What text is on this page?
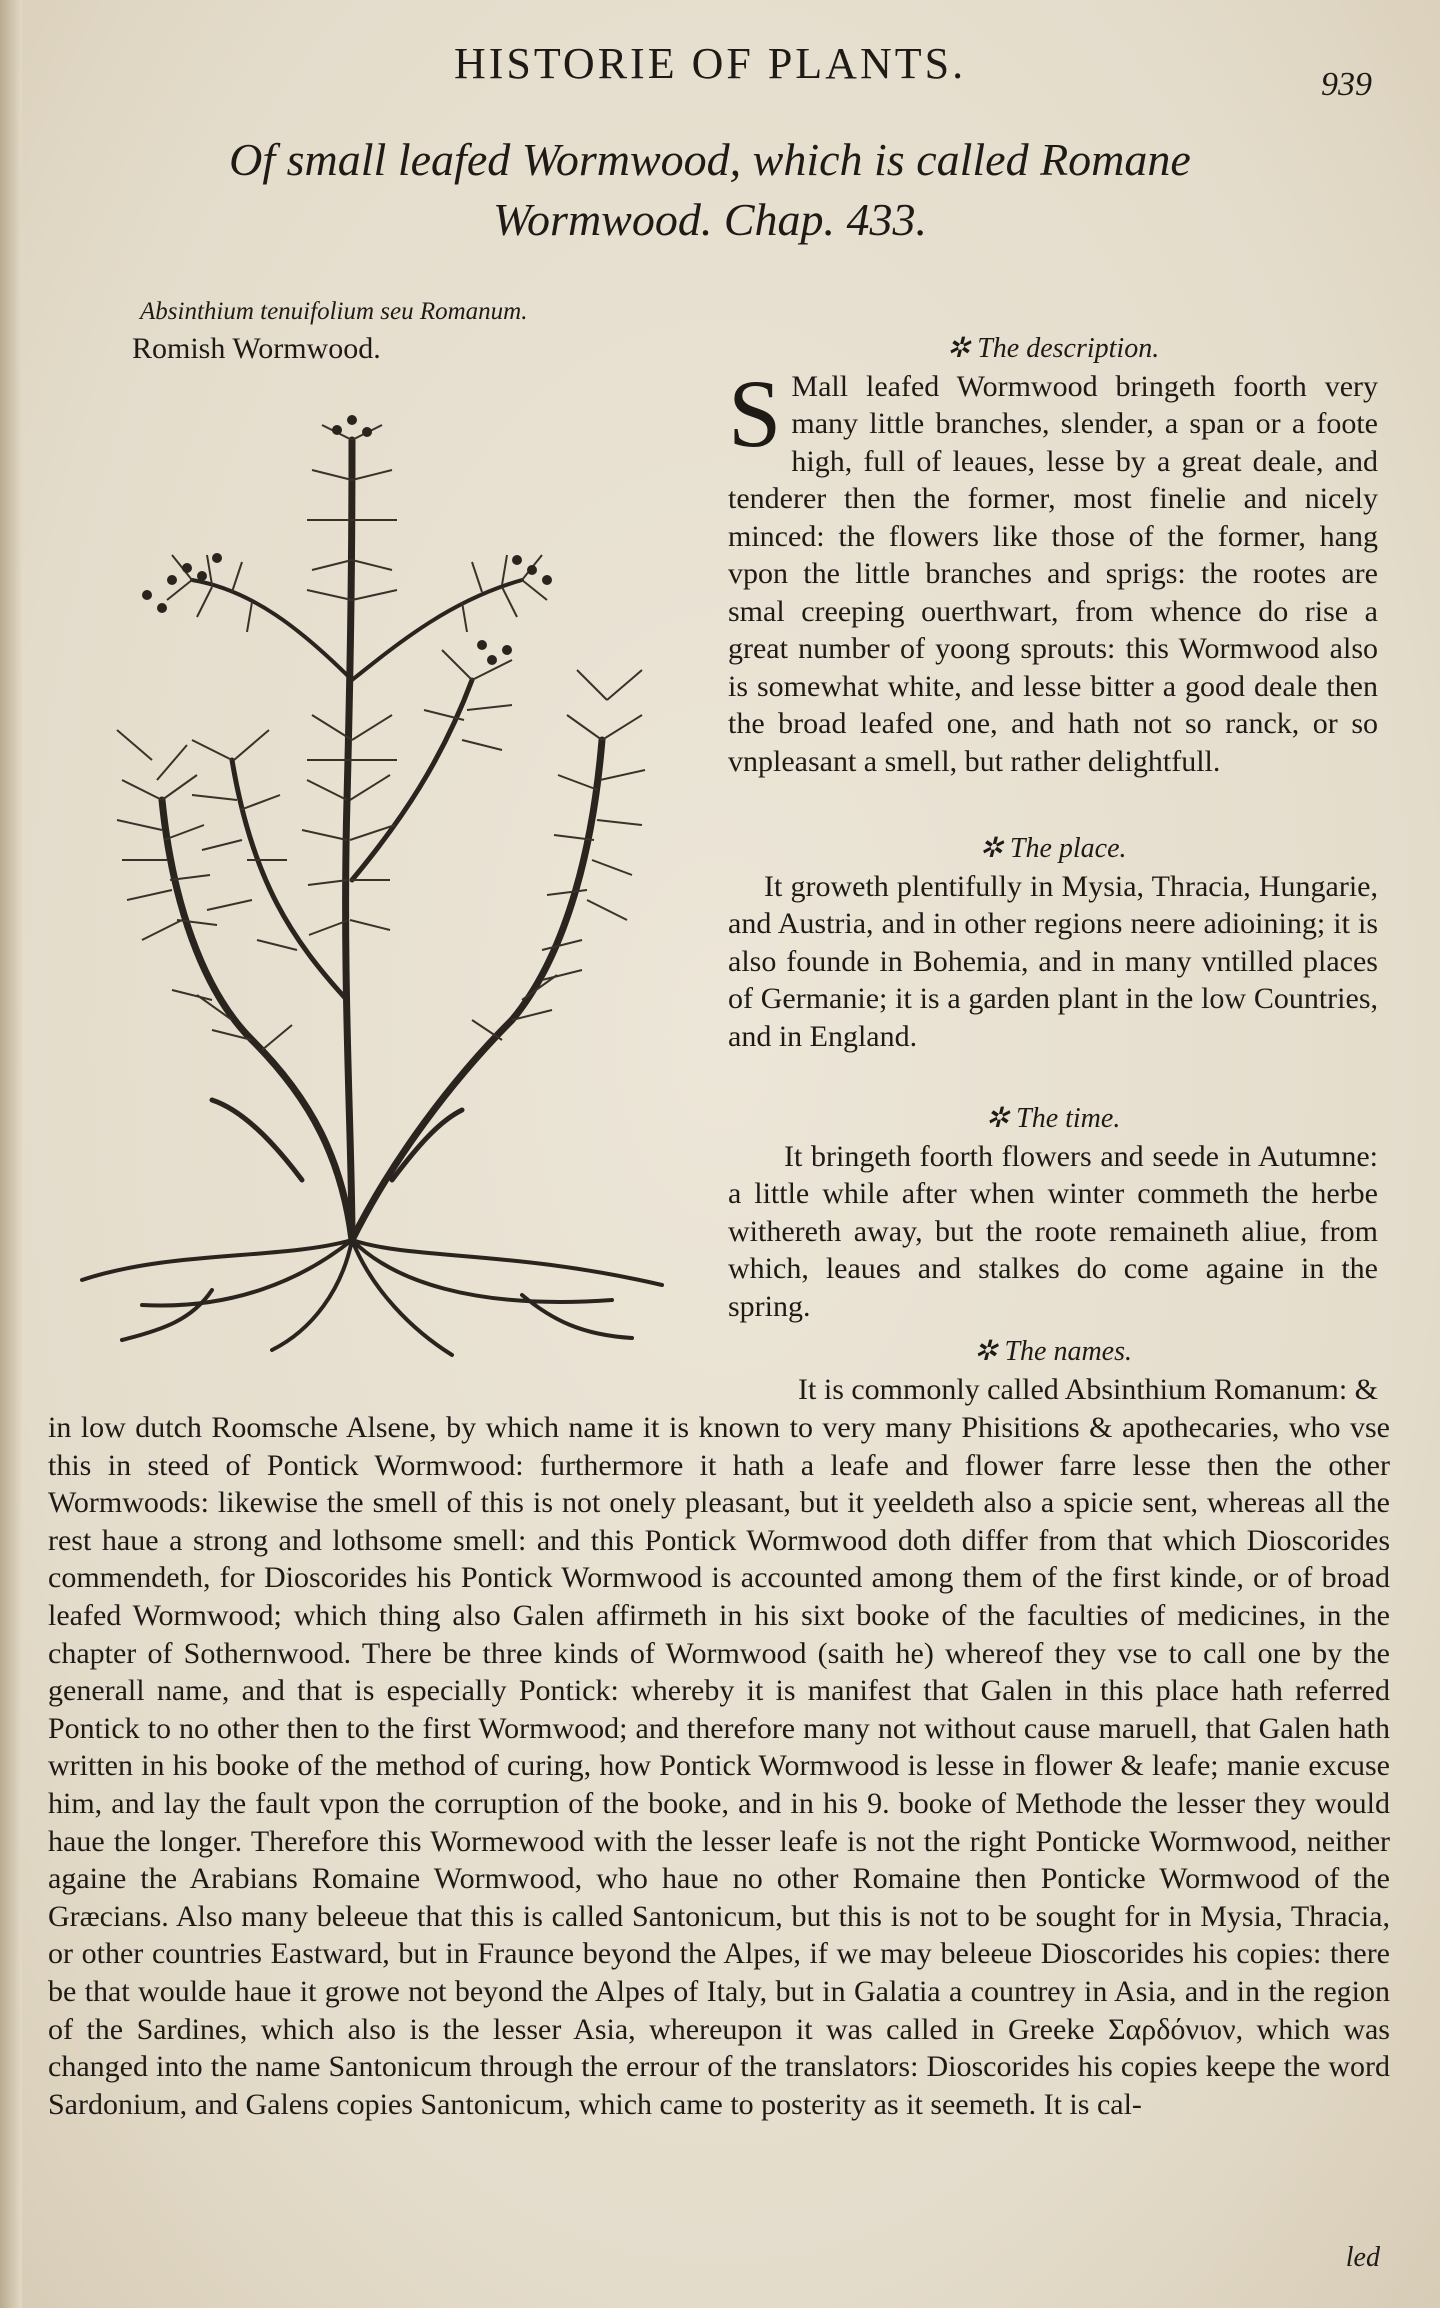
HISTORIE OF PLANTS.	939
Of small leafed Wormwood, which is called Romane
Wormwood. Chap. 433.
Absinthium tenuifolium seu Romanum.
Romish Wormwood.	✲ The description.

S Mall leafed Wormwood bringeth foorth very many little branches, slender, a span or a foote high, full of leaues, lesse by a great deale, and tenderer then the former, most finelie and nicely minced: the flowers like those of the former, hang vpon the little branches and sprigs: the rootes are smal creeping ouerthwart, from whence do rise a great number of yoong sprouts: this Wormwood also is somewhat white, and lesse bitter a good deale then the broad leafed one, and hath not so ranck, or so vnpleasant a smell, but rather delightfull.

✲ The place.

It groweth plentifully in Mysia, Thracia, Hungarie, and Austria, and in other regions neere adioining; it is also founde in Bohemia, and in many vntilled places of Germanie; it is a garden plant in the low Countries, and in England.

✲ The time.

It bringeth foorth flowers and seede in Autumne: a little while after when winter commeth the herbe withereth away, but the roote remaineth aliue, from which, leaues and stalkes do come againe in the spring.

✲ The names.

It is commonly called Absinthium Romanum: &

in low dutch Roomsche Alsene, by which name it is known to very many Phisitions & apothecaries, who vse this in steed of Pontick Wormwood: furthermore it hath a leafe and flower farre lesse then the other Wormwoods: likewise the smell of this is not onely pleasant, but it yeeldeth also a spicie sent, whereas all the rest haue a strong and lothsome smell: and this Pontick Wormwood doth differ from that which Dioscorides commendeth, for Dioscorides his Pontick Wormwood is accounted among them of the first kinde, or of broad leafed Wormwood; which thing also Galen affirmeth in his sixt booke of the faculties of medicines, in the chapter of Sothernwood. There be three kinds of Wormwood (saith he) whereof they vse to call one by the generall name, and that is especially Pontick: whereby it is manifest that Galen in this place hath referred Pontick to no other then to the first Wormwood; and therefore many not without cause maruell, that Galen hath written in his booke of the method of curing, how Pontick Wormwood is lesse in flower & leafe; manie excuse him, and lay the fault vpon the corruption of the booke, and in his 9. booke of Methode the lesser they would haue the longer. Therefore this Wormewood with the lesser leafe is not the right Ponticke Wormwood, neither againe the Arabians Romaine Wormwood, who haue no other Romaine then Ponticke Wormwood of the Græcians. Also many beleeue that this is called Santonicum, but this is not to be sought for in Mysia, Thracia, or other countries Eastward, but in Fraunce beyond the Alpes, if we may beleeue Dioscorides his copies: there be that woulde haue it growe not beyond the Alpes of Italy, but in Galatia a countrey in Asia, and in the region of the Sardines, which also is the lesser Asia, whereupon it was called in Greeke Σαρδόνιον, which was changed into the name Santonicum through the errour of the translators: Dioscorides his copies keepe the word Sardonium, and Galens copies Santonicum, which came to posterity as it seemeth. It is cal-

led
